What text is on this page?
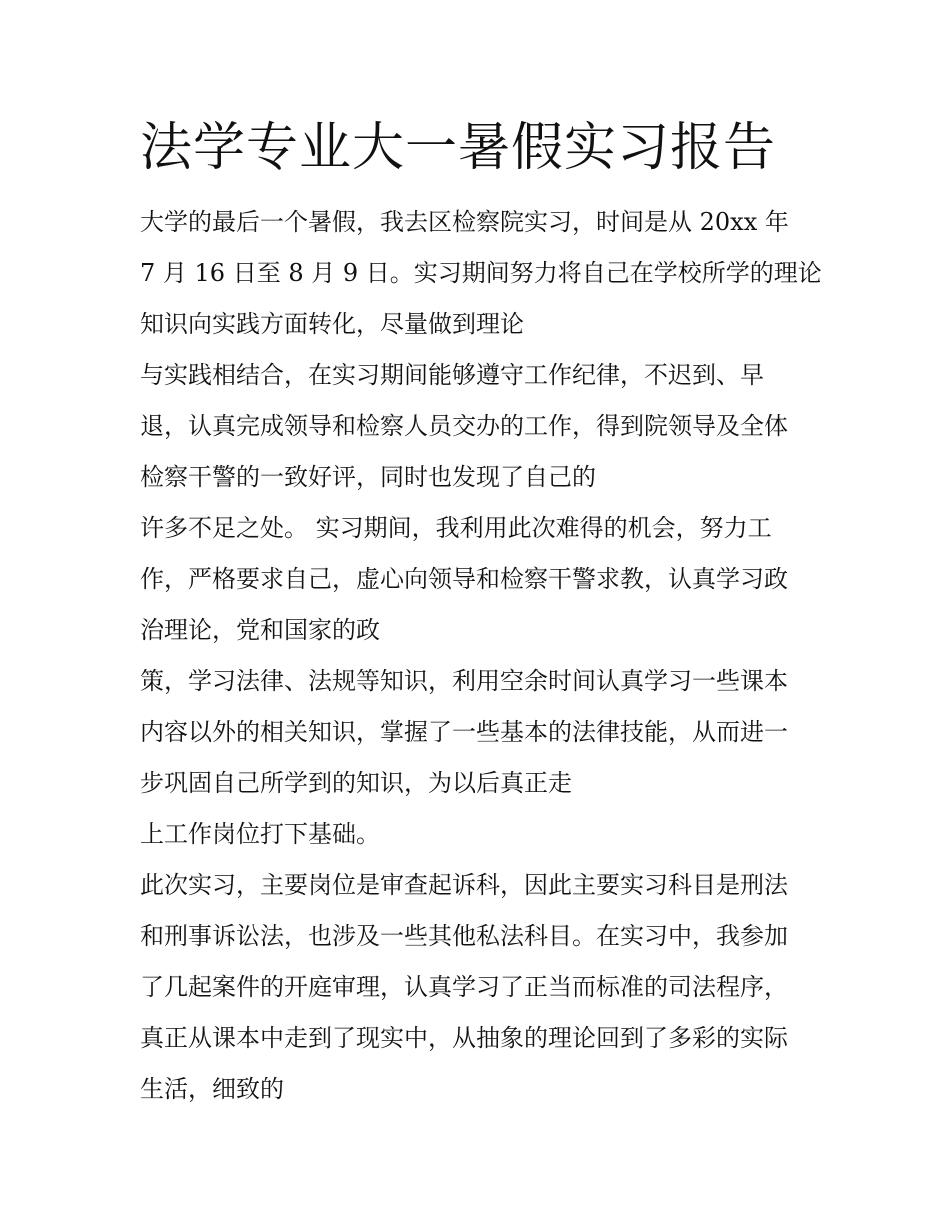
法学专业大一暑假实习报告
大学的最后一个暑假，我去区检察院实习，时间是从 20xx 年
7 月 16 日至 8 月 9 日。实习期间努力将自己在学校所学的理论
知识向实践方面转化，尽量做到理论
与实践相结合，在实习期间能够遵守工作纪律，不迟到、早
退，认真完成领导和检察人员交办的工作，得到院领导及全体
检察干警的一致好评，同时也发现了自己的
许多不足之处。 实习期间，我利用此次难得的机会，努力工
作，严格要求自己，虚心向领导和检察干警求教，认真学习政
治理论，党和国家的政
策，学习法律、法规等知识，利用空余时间认真学习一些课本
内容以外的相关知识，掌握了一些基本的法律技能，从而进一
步巩固自己所学到的知识，为以后真正走
上工作岗位打下基础。
此次实习，主要岗位是审查起诉科，因此主要实习科目是刑法
和刑事诉讼法，也涉及一些其他私法科目。在实习中，我参加
了几起案件的开庭审理，认真学习了正当而标准的司法程序，
真正从课本中走到了现实中，从抽象的理论回到了多彩的实际
生活，细致的
